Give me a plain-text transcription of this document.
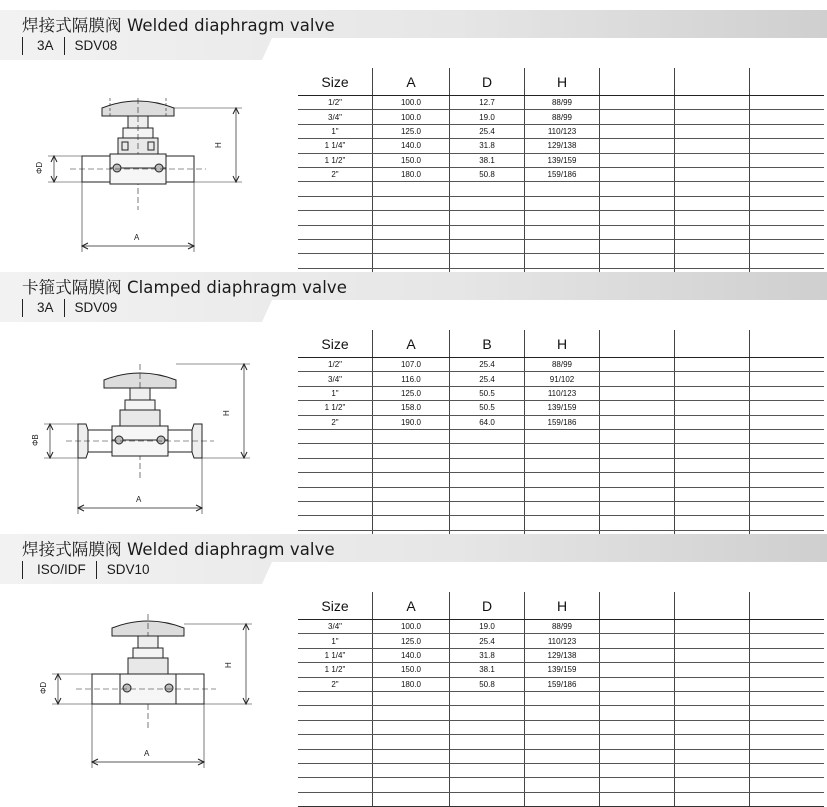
焊接式隔膜阀 Welded diaphragm valve
3A	SDV08
H
ΦD
A
Size	A	D	H			
1/2"	100.0	12.7	88/99			
3/4"	100.0	19.0	88/99			
1"	125.0	25.4	110/123			
1 1/4"	140.0	31.8	129/138			
1 1/2"	150.0	38.1	139/159			
2"	180.0	50.8	159/186			

卡箍式隔膜阀 Clamped diaphragm valve
3A	SDV09
H
ΦB
A
Size	A	B	H			
1/2"	107.0	25.4	88/99			
3/4"	116.0	25.4	91/102			
1"	125.0	50.5	110/123			
1 1/2"	158.0	50.5	139/159			
2"	190.0	64.0	159/186			

焊接式隔膜阀 Welded diaphragm valve
ISO/IDF	SDV10
H
ΦD
A
Size	A	D	H			
3/4"	100.0	19.0	88/99			
1"	125.0	25.4	110/123			
1 1/4"	140.0	31.8	129/138			
1 1/2"	150.0	38.1	139/159			
2"	180.0	50.8	159/186			
